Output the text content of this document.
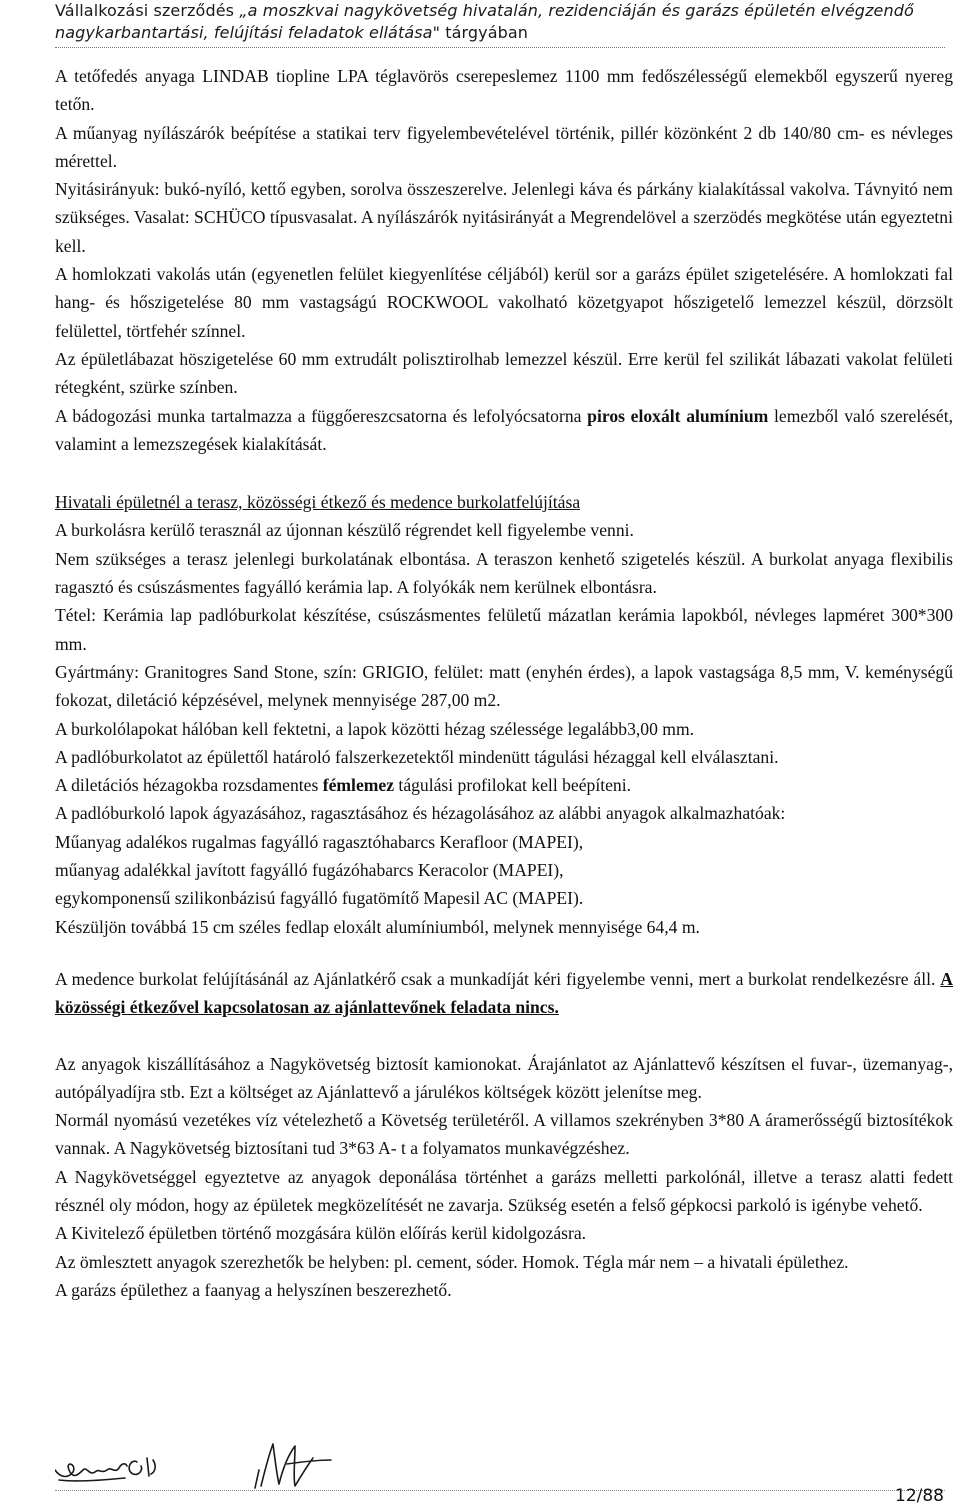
Vállalkozási szerződés „a moszkvai nagykövetség hivatalán, rezidenciáján és garázs épületén elvégzendő nagykarbantartási, felújítási feladatok ellátása" tárgyában

A tetőfedés anyaga LINDAB tiopline LPA téglavörös cserepeslemez 1100 mm fedőszélességű elemekből egyszerű nyereg tetőn.

A műanyag nyílászárók beépítése a statikai terv figyelembevételével történik, pillér közönként 2 db 140/80 cm- es névleges mérettel.

Nyitásirányuk: bukó-nyíló, kettő egyben, sorolva összeszerelve. Jelenlegi káva és párkány kialakítással vakolva. Távnyitó nem szükséges. Vasalat: SCHÜCO típusvasalat. A nyílászárók nyitásirányát a Megrendelövel a szerzödés megkötése után egyeztetni kell.

A homlokzati vakolás után (egyenetlen felület kiegyenlítése céljából) kerül sor a garázs épület szigetelésére. A homlokzati fal hang- és hőszigetelése 80 mm vastagságú ROCKWOOL vakolható közetgyapot hőszigetelő lemezzel készül, dörzsölt felülettel, törtfehér színnel.

Az épületlábazat höszigetelése 60 mm extrudált polisztirolhab lemezzel készül. Erre kerül fel szilikát lábazati vakolat felületi rétegként, szürke színben.

A bádogozási munka tartalmazza a függőereszcsatorna és lefolyócsatorna piros eloxált alumínium lemezből való szerelését, valamint a lemezszegések kialakítását.

Hivatali épületnél a terasz, közösségi étkező és medence burkolatfelújítása

A burkolásra kerülő terasznál az újonnan készülő régrendet kell figyelembe venni.

Nem szükséges a terasz jelenlegi burkolatának elbontása. A teraszon kenhető szigetelés készül. A burkolat anyaga flexibilis ragasztó és csúszásmentes fagyálló kerámia lap. A folyókák nem kerülnek elbontásra.

Tétel: Kerámia lap padlóburkolat készítése, csúszásmentes felületű mázatlan kerámia lapokból, névleges lapméret 300*300 mm.

Gyártmány: Granitogres Sand Stone, szín: GRIGIO, felület: matt (enyhén érdes), a lapok vastagsága 8,5 mm, V. keménységű fokozat, diletáció képzésével, melynek mennyisége 287,00 m2.

A burkolólapokat hálóban kell fektetni, a lapok közötti hézag szélessége legalább3,00 mm.

A padlóburkolatot az épülettől határoló falszerkezetektől mindenütt tágulási hézaggal kell elválasztani.

A diletációs hézagokba rozsdamentes fémlemez tágulási profilokat kell beépíteni.

A padlóburkoló lapok ágyazásához, ragasztásához és hézagolásához az alábbi anyagok alkalmazhatóak:

Műanyag adalékos rugalmas fagyálló ragasztóhabarcs Kerafloor (MAPEI),

műanyag adalékkal javított fagyálló fugázóhabarcs Keracolor (MAPEI),

egykomponensű szilikonbázisú fagyálló fugatömítő Mapesil AC (MAPEI).

Készüljön továbbá 15 cm széles fedlap eloxált alumíniumból, melynek mennyisége 64,4 m.

A medence burkolat felújításánál az Ajánlatkérő csak a munkadíját kéri figyelembe venni, mert a burkolat rendelkezésre áll. A közösségi étkezővel kapcsolatosan az ajánlattevőnek feladata nincs.

Az anyagok kiszállításához a Nagykövetség biztosít kamionokat. Árajánlatot az Ajánlattevő készítsen el fuvar-, üzemanyag-, autópályadíjra stb. Ezt a költséget az Ajánlattevő a járulékos költségek között jelenítse meg.

Normál nyomású vezetékes víz vételezhető a Követség területéről. A villamos szekrényben 3*80 A áramerősségű biztosítékok vannak. A Nagykövetség biztosítani tud 3*63 A- t a folyamatos munkavégzéshez.

A Nagykövetséggel egyeztetve az anyagok deponálása történhet a garázs melletti parkolónál, illetve a terasz alatti fedett résznél oly módon, hogy az épületek megközelítését ne zavarja. Szükség esetén a felső gépkocsi parkoló is igénybe vehető.

A Kivitelező épületben történő mozgására külön előírás kerül kidolgozásra.

Az ömlesztett anyagok szerezhetők be helyben: pl. cement, sóder. Homok. Tégla már nem – a hivatali épülethez.

A garázs épülethez a faanyag a helyszínen beszerezhető.

12/88
